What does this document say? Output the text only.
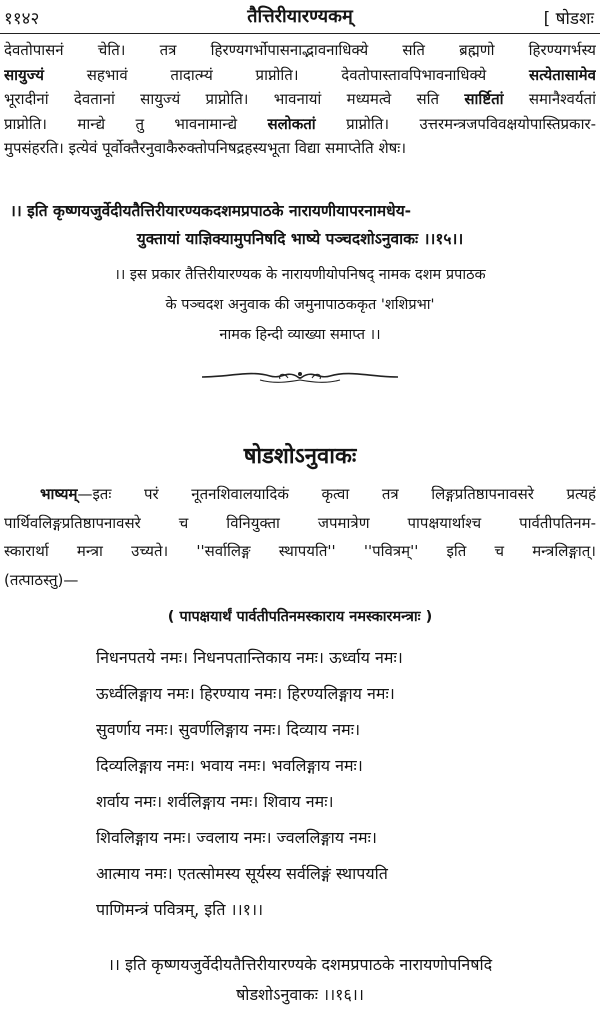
११४२	तैत्तिरीयारण्यकम्	[ षोडशः
देवतोपासनं चेति। तत्र हिरण्यगर्भोपासनाद्भावनाधिक्ये सति ब्रह्मणो हिरण्यगर्भस्य
सायुज्यं सहभावं तादात्म्यं प्राप्नोति। देवतोपास्तावपिभावनाधिक्ये सत्येतासामेव
भूरादीनां देवतानां सायुज्यं प्राप्नोति। भावनायां मध्यमत्वे सति सार्ष्टितां समानैश्वर्यतां
प्राप्नोति। मान्द्ये तु भावनामान्द्ये सलोकतां प्राप्नोति। उत्तरमन्त्रजपविवक्षयोपास्तिप्रकार-
मुपसंहरति। इत्येवं पूर्वोक्तैरनुवाकैरुक्तोपनिषद्रहस्यभूता विद्या समाप्तेति शेषः।
।। इति कृष्णयजुर्वेदीयतैत्तिरीयारण्यकदशमप्रपाठके नारायणीयापरनामधेय-
युक्तायां याज्ञिक्यामुपनिषदि भाष्ये पञ्चदशोऽनुवाकः ।।१५।।
।। इस प्रकार तैत्तिरीयारण्यक के नारायणीयोपनिषद् नामक दशम प्रपाठक
के पञ्चदश अनुवाक की जमुनापाठककृत 'शशिप्रभा'
नामक हिन्दी व्याख्या समाप्त ।।
षोडशोऽनुवाकः
भाष्यम्—इतः परं नूतनशिवालयादिकं कृत्वा तत्र लिङ्गप्रतिष्ठापनावसरे प्रत्यहं
पार्थिवलिङ्गप्रतिष्ठापनावसरे च विनियुक्ता जपमात्रेण पापक्षयार्थाश्च पार्वतीपतिनम-
स्कारार्था मन्त्रा उच्यते। ''सर्वालिङ्ग स्थापयति'' ''पवित्रम्'' इति च मन्त्रलिङ्गात्।
(तत्पाठस्तु)—
( पापक्षयार्थं पार्वतीपतिनमस्काराय नमस्कारमन्त्राः )
निधनपतये नमः। निधनपतान्तिकाय नमः। ऊर्ध्वाय नमः।
ऊर्ध्वलिङ्गाय नमः। हिरण्याय नमः। हिरण्यलिङ्गाय नमः।
सुवर्णाय नमः। सुवर्णलिङ्गाय नमः। दिव्याय नमः।
दिव्यलिङ्गाय नमः। भवाय नमः। भवलिङ्गाय नमः।
शर्वाय नमः। शर्वलिङ्गाय नमः। शिवाय नमः।
शिवलिङ्गाय नमः। ज्वलाय नमः। ज्वललिङ्गाय नमः।
आत्माय नमः। एतत्सोमस्य सूर्यस्य सर्वलिङ्गं स्थापयति
पाणिमन्त्रं पवित्रम्, इति ।।१।।
।। इति कृष्णयजुर्वेदीयतैत्तिरीयारण्यके दशमप्रपाठके नारायणोपनिषदि
षोडशोऽनुवाकः ।।१६।।
